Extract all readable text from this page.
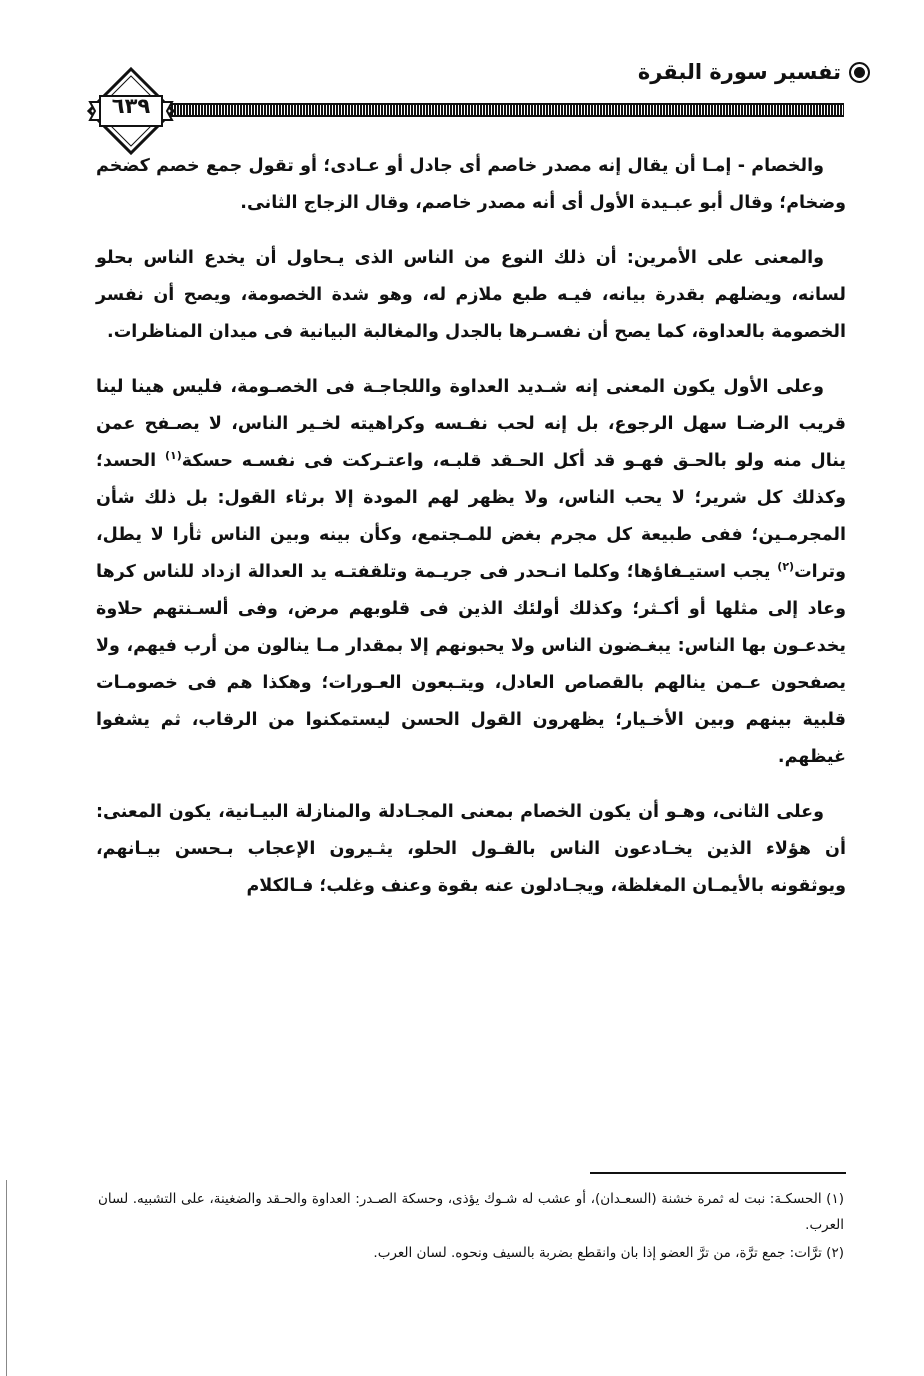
تفسير سورة البقرة
٦٣٩

والخصام - إمـا أن يقال إنه مصدر خاصم أى جادل أو عـادى؛ أو تقول جمع خصم كضخم وضخام؛ وقال أبو عبـيدة الأول أى أنه مصدر خاصم، وقال الزجاج الثانى.

والمعنى على الأمرين: أن ذلك النوع من الناس الذى يـحاول أن يخدع الناس بحلو لسانه، ويضلهم بقدرة بيانه، فيـه طبع ملازم له، وهو شدة الخصومة، ويصح أن نفسر الخصومة بالعداوة، كما يصح أن نفسـرها بالجدل والمغالبة البيانية فى ميدان المناظرات.

وعلى الأول يكون المعنى إنه شـديد العداوة واللجاجـة فى الخصـومة، فليس هينا لينا قريب الرضـا سهل الرجوع، بل إنه لحب نفـسه وكراهيته لخـير الناس، لا يصـفح عمن ينال منه ولو بالحـق فهـو قد أكل الحـقد قلبـه، واعتـركت فى نفسـه حسكة$^{(١)}$ الحسد؛ وكذلك كل شرير؛ لا يحب الناس، ولا يظهر لهم المودة إلا برثاء القول: بل ذلك شأن المجرمـين؛ ففى طبيعة كل مجرم بغض للمـجتمع، وكأن بينه وبين الناس ثأرا لا يطل، وترات$^{(٢)}$ يجب استيـفاؤها؛ وكلما انـحدر فى جريـمة وتلقفتـه يد العدالة ازداد للناس كرها وعاد إلى مثلها أو أكـثر؛ وكذلك أولئك الذين فى قلوبهم مرض، وفى ألسـنتهم حلاوة يخدعـون بها الناس: يبغـضون الناس ولا يحبونهم إلا بمقدار مـا ينالون من أرب فيهم، ولا يصفحون عـمن ينالهم بالقصاص العادل، ويتـبعون العـورات؛ وهكذا هم فى خصومـات قلبية بينهم وبين الأخـيار؛ يظهرون القول الحسن ليستمكنوا من الرقاب، ثم يشفوا غيظهم.

وعلى الثانى، وهـو أن يكون الخصام بمعنى المجـادلة والمنازلة البيـانية، يكون المعنى: أن هؤلاء الذين يخـادعون الناس بالقـول الحلو، يثـيرون الإعجاب بـحسن بيـانهم، ويوثقونه بالأيمـان المغلظة، ويجـادلون عنه بقوة وعنف وغلب؛ فـالكلام

(١) الحسكـة: نبت له ثمرة خشنة (السعـدان)، أو عشب له شـوك يؤذى، وحسكة الصـدر: العداوة والحـقد والضغينة، على التشبيه. لسان العرب.

(٢) ترَّات: جمع ترَّة، من ترَّ العضو إذا بان وانقطع بضربة بالسيف ونحوه. لسان العرب.
